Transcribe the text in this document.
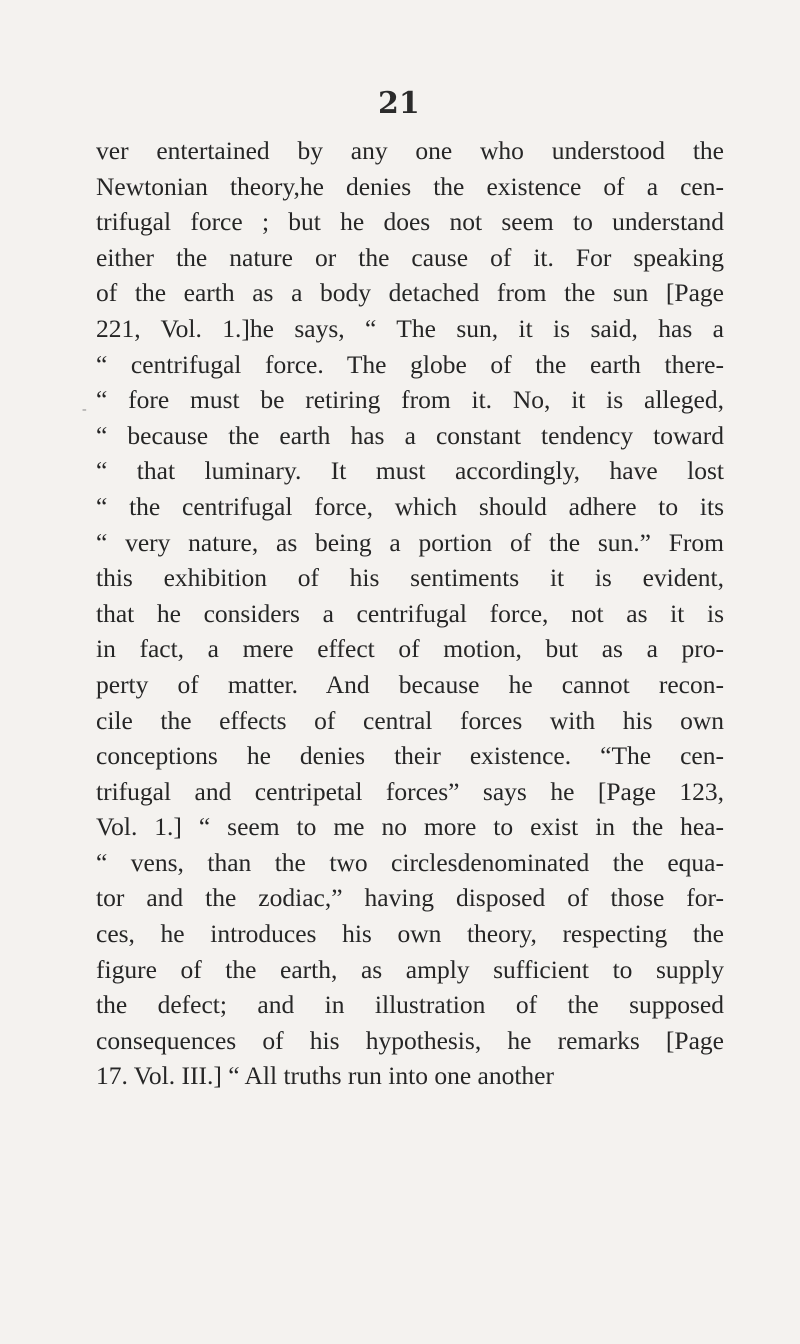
21
-
ver entertained by any one who understood the
Newtonian theory,he denies the existence of a cen-
trifugal force ; but he does not seem to understand
either the nature or the cause of it. For speaking
of the earth as a body detached from the sun [Page
221, Vol. 1.]he says, “ The sun, it is said, has a
“ centrifugal force. The globe of the earth there-
“ fore must be retiring from it. No, it is alleged,
“ because the earth has a constant tendency toward
“ that luminary. It must accordingly, have lost
“ the centrifugal force, which should adhere to its
“ very nature, as being a portion of the sun.” From
this exhibition of his sentiments it is evident,
that he considers a centrifugal force, not as it is
in fact, a mere effect of motion, but as a pro-
perty of matter. And because he cannot recon-
cile the effects of central forces with his own
conceptions he denies their existence. “The cen-
trifugal and centripetal forces” says he [Page 123,
Vol. 1.] “ seem to me no more to exist in the hea-
“ vens, than the two circlesdenominated the equa-
tor and the zodiac,” having disposed of those for-
ces, he introduces his own theory, respecting the
figure of the earth, as amply sufficient to supply
the defect; and in illustration of the supposed
consequences of his hypothesis, he remarks [Page
17. Vol. III.] “ All truths run into one another
